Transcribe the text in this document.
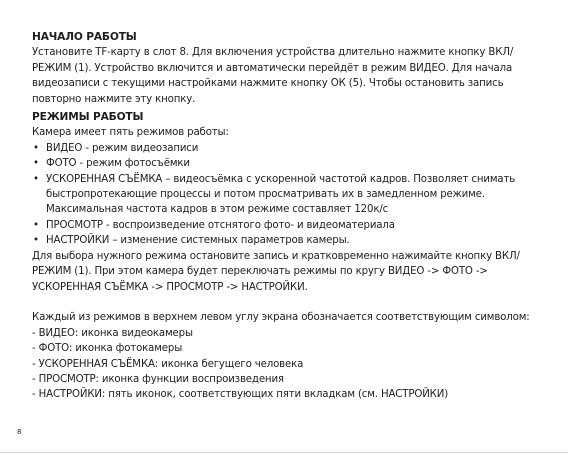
НАЧАЛО РАБОТЫ

Установите TF-карту в слот 8. Для включения устройства длительно нажмите кнопку ВКЛ/РЕЖИМ (1). Устройство включится и автоматически перейдёт в режим ВИДЕО. Для начала видеозаписи с текущими настройками нажмите кнопку ОК (5). Чтобы остановить запись повторно нажмите эту кнопку.

РЕЖИМЫ РАБОТЫ

Камера имеет пять режимов работы:

• ВИДЕО - режим видеозаписи
• ФОТО - режим фотосъёмки
• УСКОРЕННАЯ СЪЁМКА – видеосъёмка с ускоренной частотой кадров. Позволяет снимать быстропротекающие процессы и потом просматривать их в замедленном режиме. Максимальная частота кадров в этом режиме составляет 120к/с
• ПРОСМОТР - воспроизведение отснятого фото- и видеоматериала
• НАСТРОЙКИ – изменение системных параметров камеры.

Для выбора нужного режима остановите запись и кратковременно нажимайте кнопку ВКЛ/РЕЖИМ (1). При этом камера будет переключать режимы по кругу ВИДЕО -> ФОТО -> УСКОРЕННАЯ СЪЁМКА -> ПРОСМОТР -> НАСТРОЙКИ.

Каждый из режимов в верхнем левом углу экрана обозначается соответствующим символом:

- ВИДЕО: иконка видеокамеры
- ФОТО: иконка фотокамеры
- УСКОРЕННАЯ СЪЁМКА: иконка бегущего человека
- ПРОСМОТР: иконка функции воспроизведения
- НАСТРОЙКИ: пять иконок, соответствующих пяти вкладкам (см. НАСТРОЙКИ)
8
